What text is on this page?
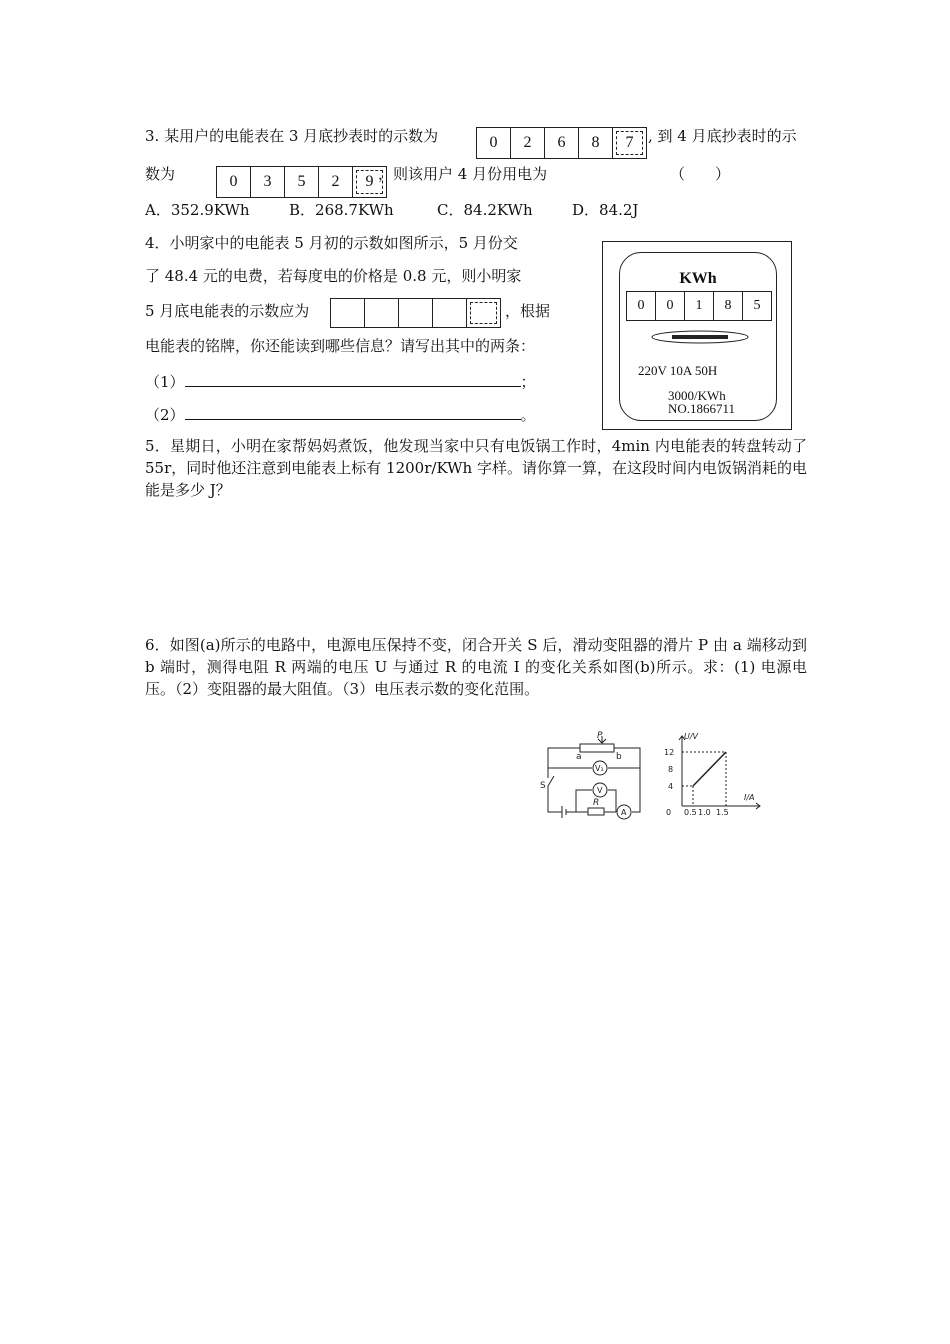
3. 某用户的电能表在 3 月底抄表时的示数为	0	2	6	8	7 , 到 4 月底抄表时的示
数为	0	3	5	2	9 ，则该用户 4 月份用电为	（　　）
A．352.9KWh	B．268.7KWh	C．84.2KWh	D．84.2J
4．小明家中的电能表 5 月初的示数如图所示，5 月份交
了 48.4 元的电费，若每度电的价格是 0.8 元，则小明家
5 月底电能表的示数应为	，根据
电能表的铭牌，你还能读到哪些信息？请写出其中的两条：
（1）	；
（2）	。
KWh
0	0	1	8	5
220V 10A 50H
3000/KWh
NO.1866711
5．星期日，小明在家帮妈妈煮饭，他发现当家中只有电饭锅工作时，4min 内电能表的转盘转动了 55r，同时他还注意到电能表上标有 1200r/KWh 字样。请你算一算，在这段时间内电饭锅消耗的电能是多少 J？
6．如图(a)所示的电路中，电源电压保持不变，闭合开关 S 后，滑动变阻器的滑片 P 由 a 端移动到 b 端时，测得电阻 R 两端的电压 U 与通过 R 的电流 I 的变化关系如图(b)所示。求：(1) 电源电压。（2）变阻器的最大阻值。（3）电压表示数的变化范围。
P
a	b
V₁
V
S
R
A
U/V
I/A
12
8
4
0 0.5 1.0 1.5
